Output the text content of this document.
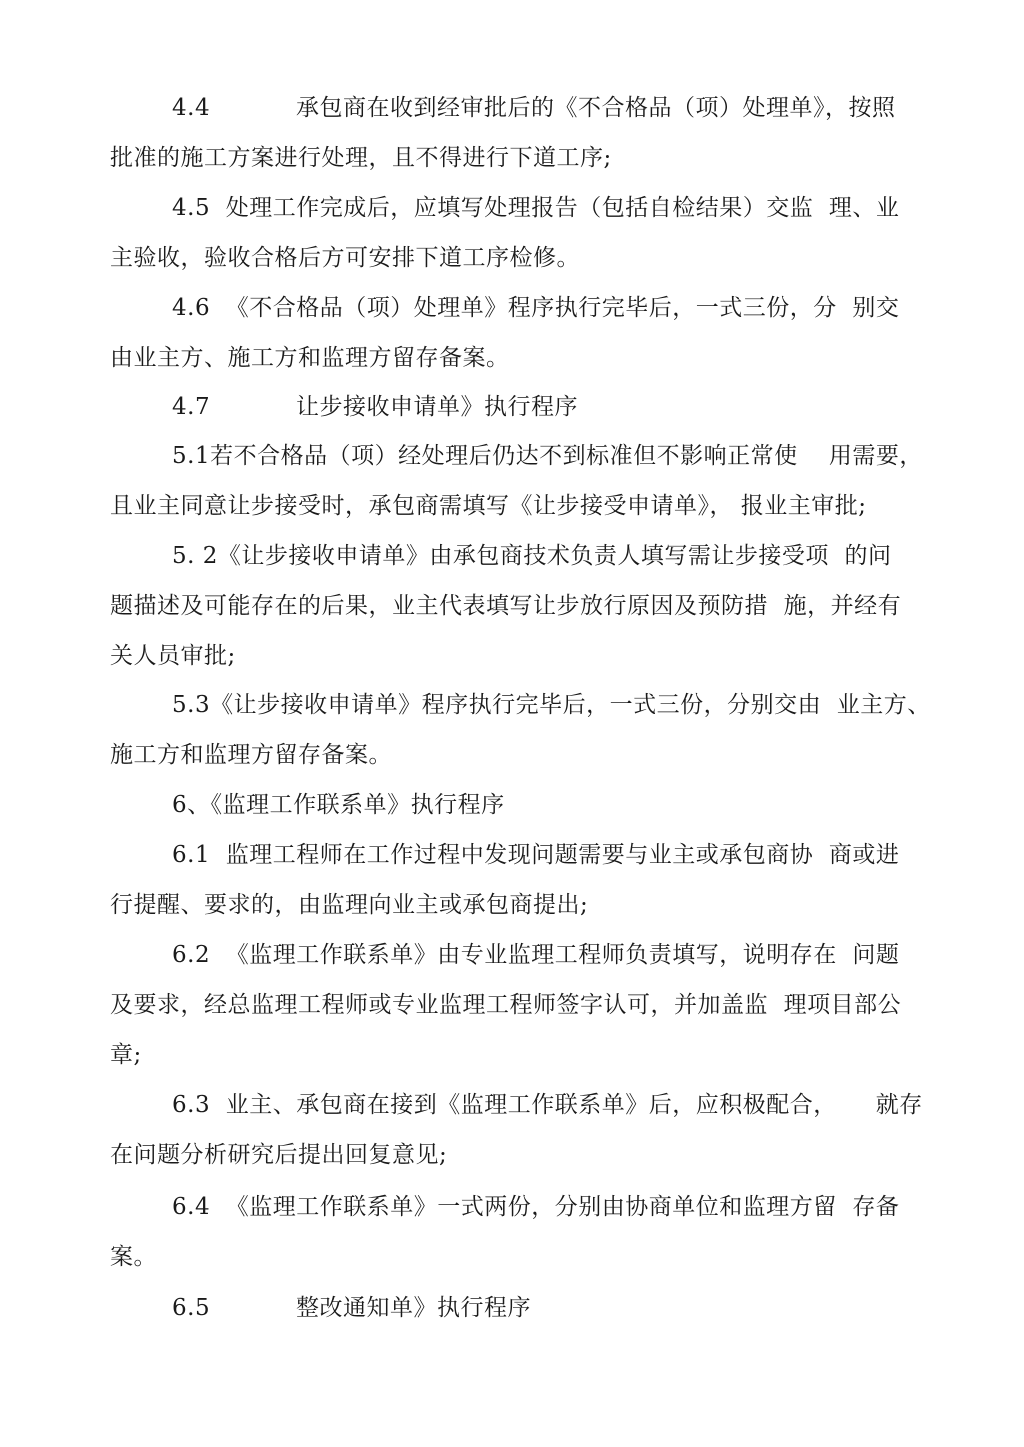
4.4           承包商在收到经审批后的《不合格品（项）处理单》，按照
批准的施工方案进行处理，且不得进行下道工序;
4.5  处理工作完成后，应填写处理报告（包括自检结果）交监  理、业
主验收，验收合格后方可安排下道工序检修。
4.6  《不合格品（项）处理单》程序执行完毕后，一式三份，分  别交
由业主方、施工方和监理方留存备案。
4.7           让步接收申请单》执行程序
5.1若不合格品（项）经处理后仍达不到标准但不影响正常使    用需要，
且业主同意让步接受时，承包商需填写《让步接受申请单》， 报业主审批;
5. 2《让步接收申请单》由承包商技术负责人填写需让步接受项  的问
题描述及可能存在的后果，业主代表填写让步放行原因及预防措  施，并经有
关人员审批;
5.3《让步接收申请单》程序执行完毕后，一式三份，分别交由  业主方、
施工方和监理方留存备案。
6、《监理工作联系单》执行程序
6.1  监理工程师在工作过程中发现问题需要与业主或承包商协  商或进
行提醒、要求的，由监理向业主或承包商提出;
6.2  《监理工作联系单》由专业监理工程师负责填写，说明存在  问题
及要求，经总监理工程师或专业监理工程师签字认可，并加盖监  理项目部公
章;
6.3  业主、承包商在接到《监理工作联系单》后，应积极配合，     就存
在问题分析研究后提出回复意见;
6.4  《监理工作联系单》一式两份，分别由协商单位和监理方留  存备
案。
6.5           整改通知单》执行程序
